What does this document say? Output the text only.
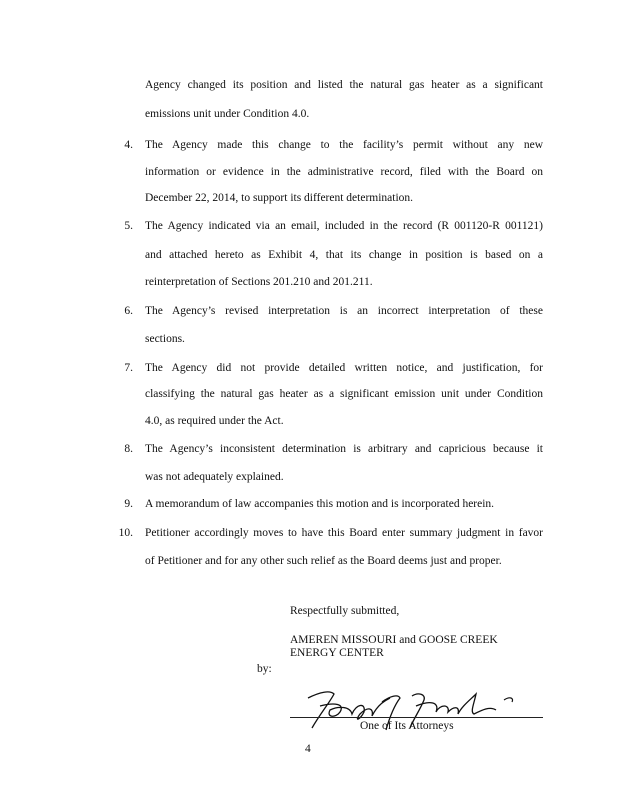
Agency changed its position and listed the natural gas heater as a significant
emissions unit under Condition 4.0.
4. The Agency made this change to the facility’s permit without any new
information or evidence in the administrative record, filed with the Board on
December 22, 2014, to support its different determination.
5. The Agency indicated via an email, included in the record (R 001120-R 001121)
and attached hereto as Exhibit 4, that its change in position is based on a
reinterpretation of Sections 201.210 and 201.211.
6. The Agency’s revised interpretation is an incorrect interpretation of these
sections.
7. The Agency did not provide detailed written notice, and justification, for
classifying the natural gas heater as a significant emission unit under Condition
4.0, as required under the Act.
8. The Agency’s inconsistent determination is arbitrary and capricious because it
was not adequately explained.
9. A memorandum of law accompanies this motion and is incorporated herein.
10. Petitioner accordingly moves to have this Board enter summary judgment in favor
of Petitioner and for any other such relief as the Board deems just and proper.
Respectfully submitted,
AMEREN MISSOURI and GOOSE CREEK
ENERGY CENTER
by:
One of Its Attorneys
4
